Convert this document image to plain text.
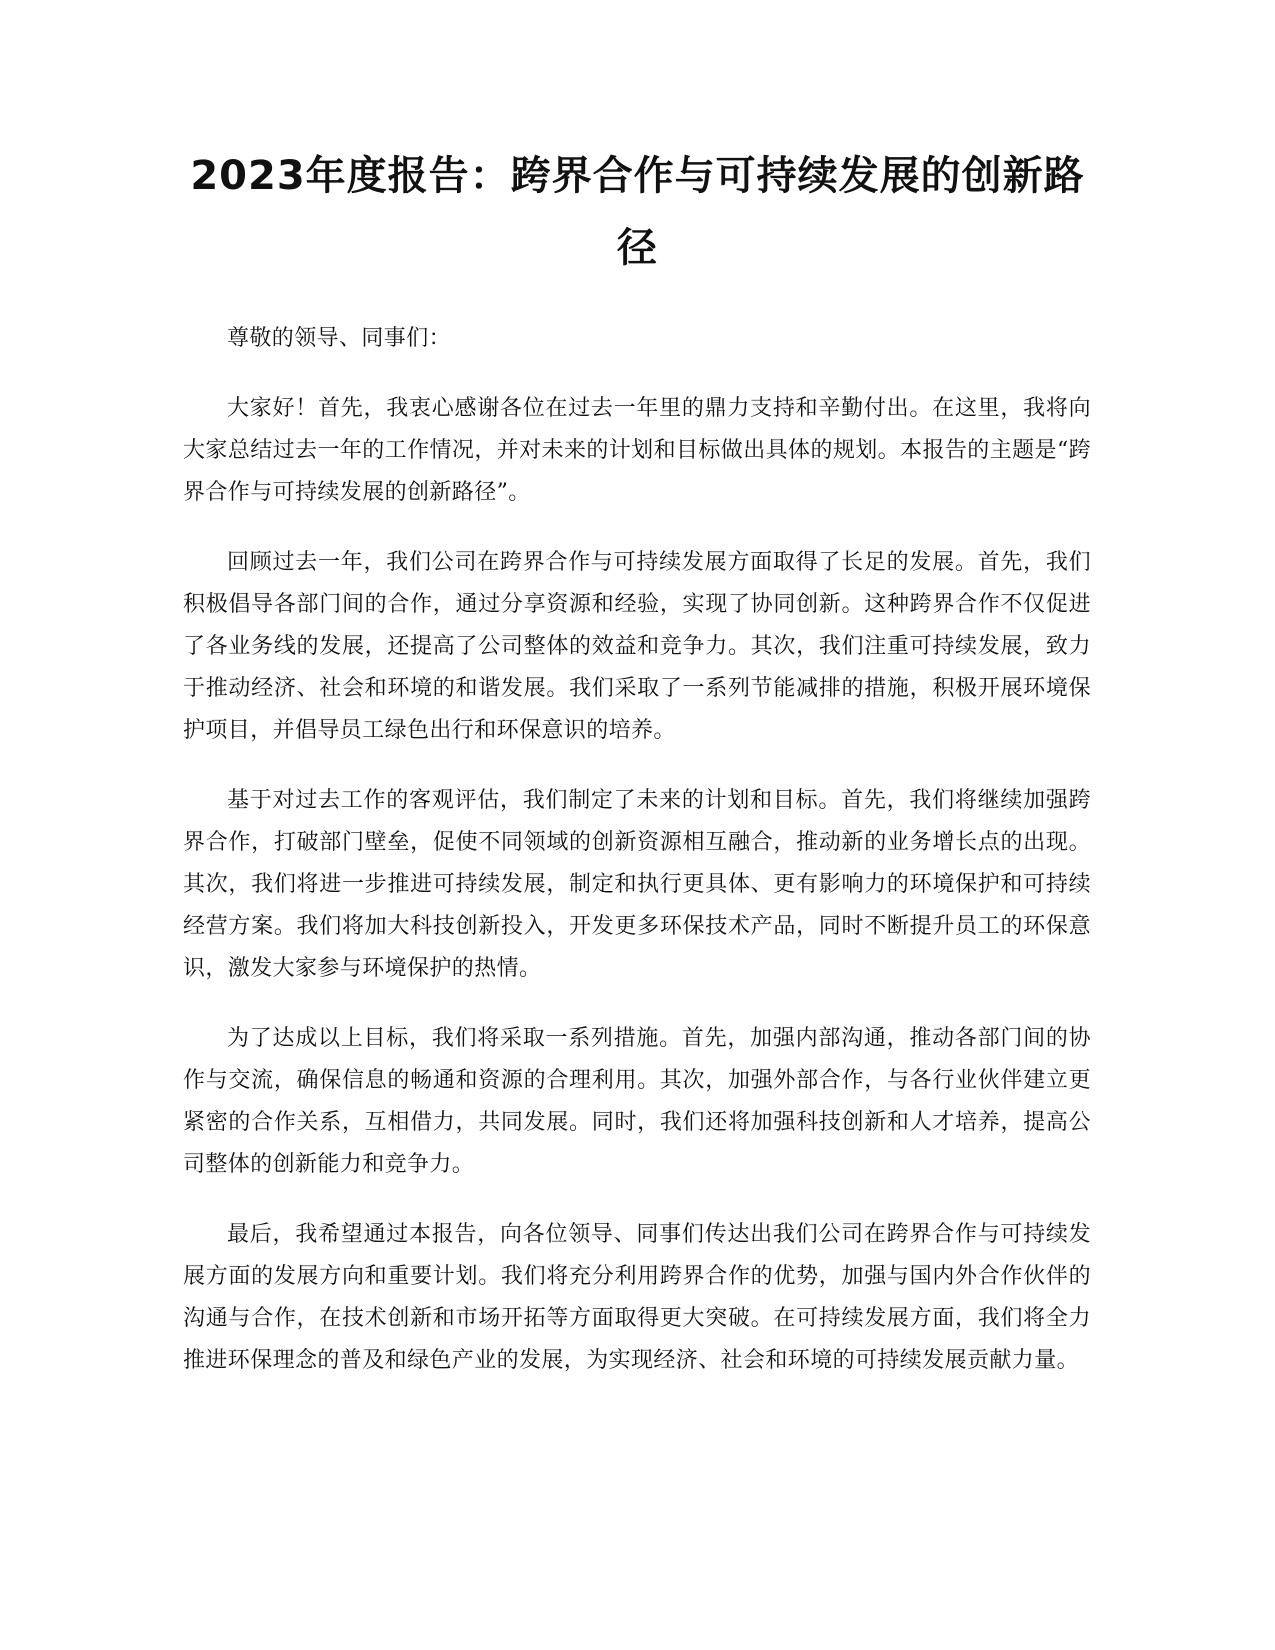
2023年度报告：跨界合作与可持续发展的创新路径

尊敬的领导、同事们：

大家好！首先，我衷心感谢各位在过去一年里的鼎力支持和辛勤付出。在这里，我将向大家总结过去一年的工作情况，并对未来的计划和目标做出具体的规划。本报告的主题是“跨界合作与可持续发展的创新路径”。

回顾过去一年，我们公司在跨界合作与可持续发展方面取得了长足的发展。首先，我们积极倡导各部门间的合作，通过分享资源和经验，实现了协同创新。这种跨界合作不仅促进了各业务线的发展，还提高了公司整体的效益和竞争力。其次，我们注重可持续发展，致力于推动经济、社会和环境的和谐发展。我们采取了一系列节能减排的措施，积极开展环境保护项目，并倡导员工绿色出行和环保意识的培养。

基于对过去工作的客观评估，我们制定了未来的计划和目标。首先，我们将继续加强跨界合作，打破部门壁垒，促使不同领域的创新资源相互融合，推动新的业务增长点的出现。其次，我们将进一步推进可持续发展，制定和执行更具体、更有影响力的环境保护和可持续经营方案。我们将加大科技创新投入，开发更多环保技术产品，同时不断提升员工的环保意识，激发大家参与环境保护的热情。

为了达成以上目标，我们将采取一系列措施。首先，加强内部沟通，推动各部门间的协作与交流，确保信息的畅通和资源的合理利用。其次，加强外部合作，与各行业伙伴建立更紧密的合作关系，互相借力，共同发展。同时，我们还将加强科技创新和人才培养，提高公司整体的创新能力和竞争力。

最后，我希望通过本报告，向各位领导、同事们传达出我们公司在跨界合作与可持续发展方面的发展方向和重要计划。我们将充分利用跨界合作的优势，加强与国内外合作伙伴的沟通与合作，在技术创新和市场开拓等方面取得更大突破。在可持续发展方面，我们将全力推进环保理念的普及和绿色产业的发展，为实现经济、社会和环境的可持续发展贡献力量。
